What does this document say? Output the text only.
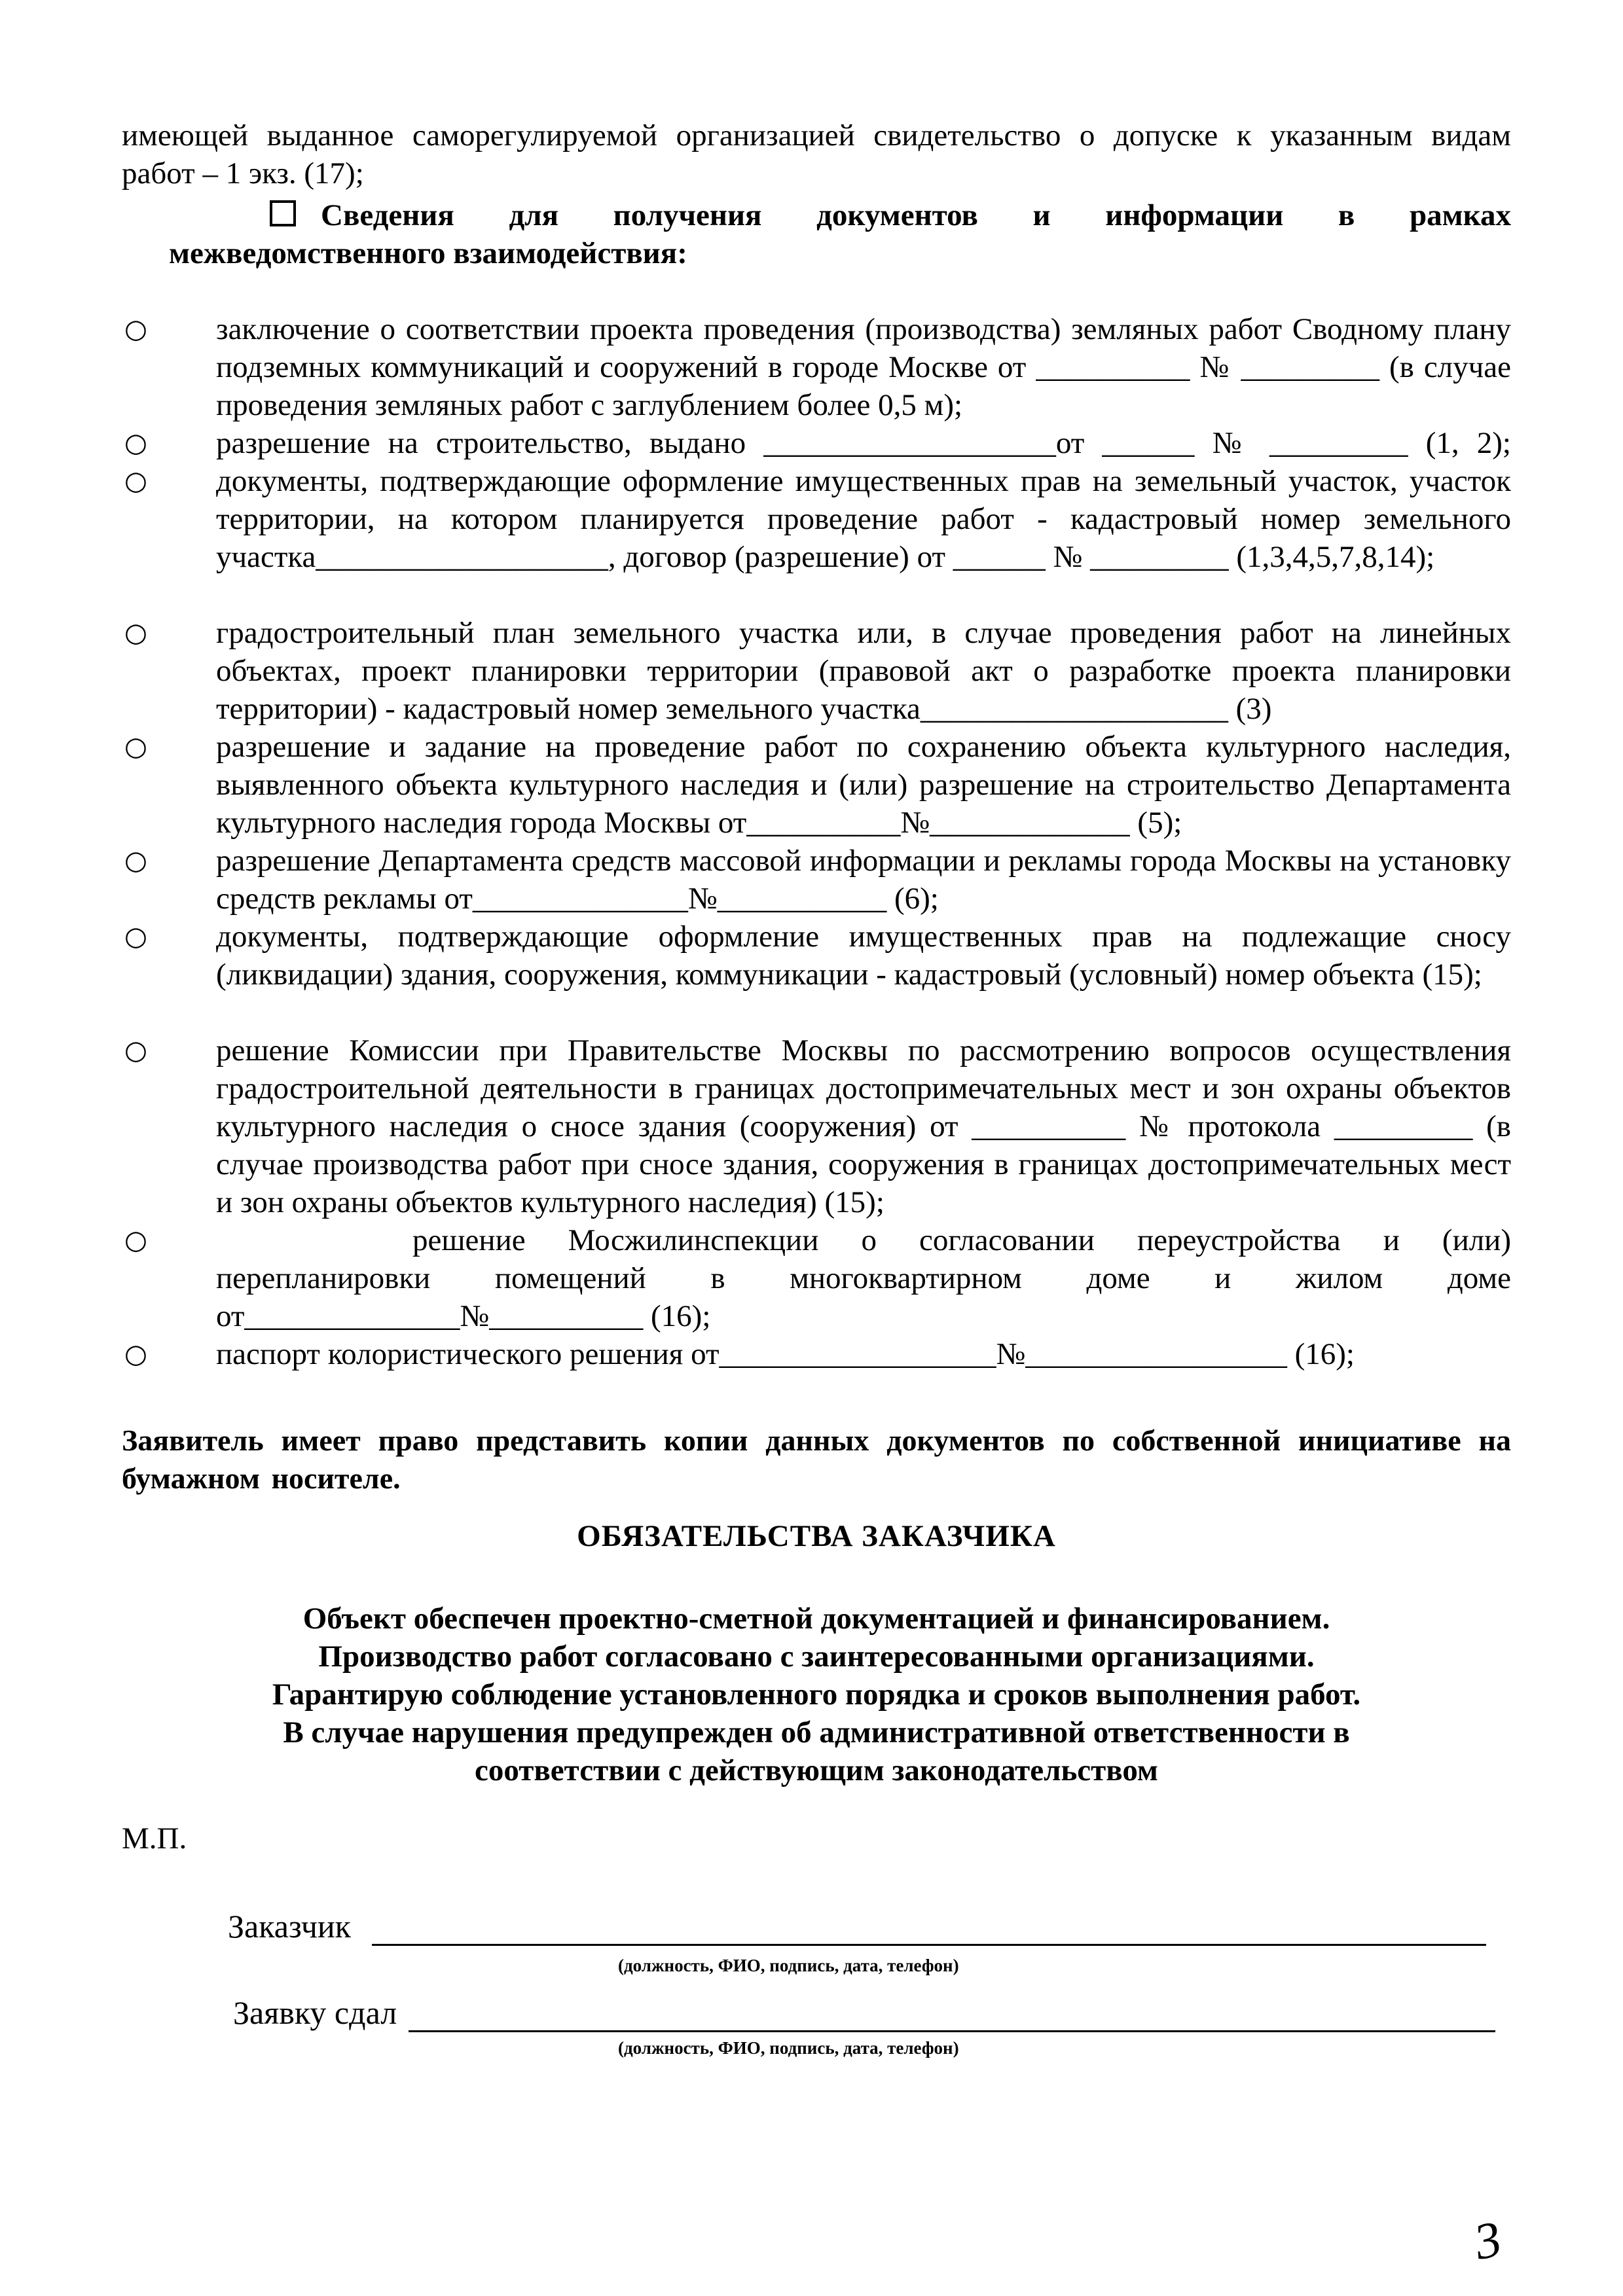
имеющей выданное саморегулируемой организацией свидетельство о допуске к указанным видам
работ – 1 экз. (17);
Сведения для получения документов и информации в рамках
межведомственного взаимодействия:
○ заключение о соответствии проекта проведения (производства) земляных работ Сводному плану подземных коммуникаций и сооружений в городе Москве от __________ № _________ (в случае проведения земляных работ с заглублением более 0,5 м);
○ разрешение на строительство, выдано ___________________от ______ № _________ (1, 2);
○ документы, подтверждающие оформление имущественных прав на земельный участок, участок территории, на котором планируется проведение работ - кадастровый номер земельного участка___________________, договор (разрешение) от ______ № _________ (1,3,4,5,7,8,14);
○ градостроительный план земельного участка или, в случае проведения работ на линейных объектах, проект планировки территории (правовой акт о разработке проекта планировки территории) - кадастровый номер земельного участка____________________ (3)
○ разрешение и задание на проведение работ по сохранению объекта культурного наследия, выявленного объекта культурного наследия и (или) разрешение на строительство Департамента культурного наследия города Москвы от__________№_____________ (5);
○ разрешение Департамента средств массовой информации и рекламы города Москвы на установку средств рекламы от______________№___________ (6);
○ документы, подтверждающие оформление имущественных прав на подлежащие сносу (ликвидации) здания, сооружения, коммуникации - кадастровый (условный) номер объекта (15);
○ решение Комиссии при Правительстве Москвы по рассмотрению вопросов осуществления градостроительной деятельности в границах достопримечательных мест и зон охраны объектов культурного наследия о сносе здания (сооружения) от __________ № протокола _________ (в случае производства работ при сносе здания, сооружения в границах достопримечательных мест и зон охраны объектов культурного наследия) (15);
○	решение Мосжилинспекции о согласовании переустройства и (или) перепланировки помещений в многоквартирном доме и жилом доме от______________№__________ (16);
○ паспорт колористического решения от__________________№_________________ (16);
Заявитель имеет право представить копии данных документов по собственной инициативе на бумажном носителе.
ОБЯЗАТЕЛЬСТВА ЗАКАЗЧИКА
Объект обеспечен проектно-сметной документацией и финансированием.
Производство работ согласовано с заинтересованными организациями.
Гарантирую соблюдение установленного порядка и сроков выполнения работ.
В случае нарушения предупрежден об административной ответственности в
соответствии с действующим законодательством
М.П.
Заказчик
(должность, ФИО, подпись, дата, телефон)
Заявку сдал
(должность, ФИО, подпись, дата, телефон)
3
